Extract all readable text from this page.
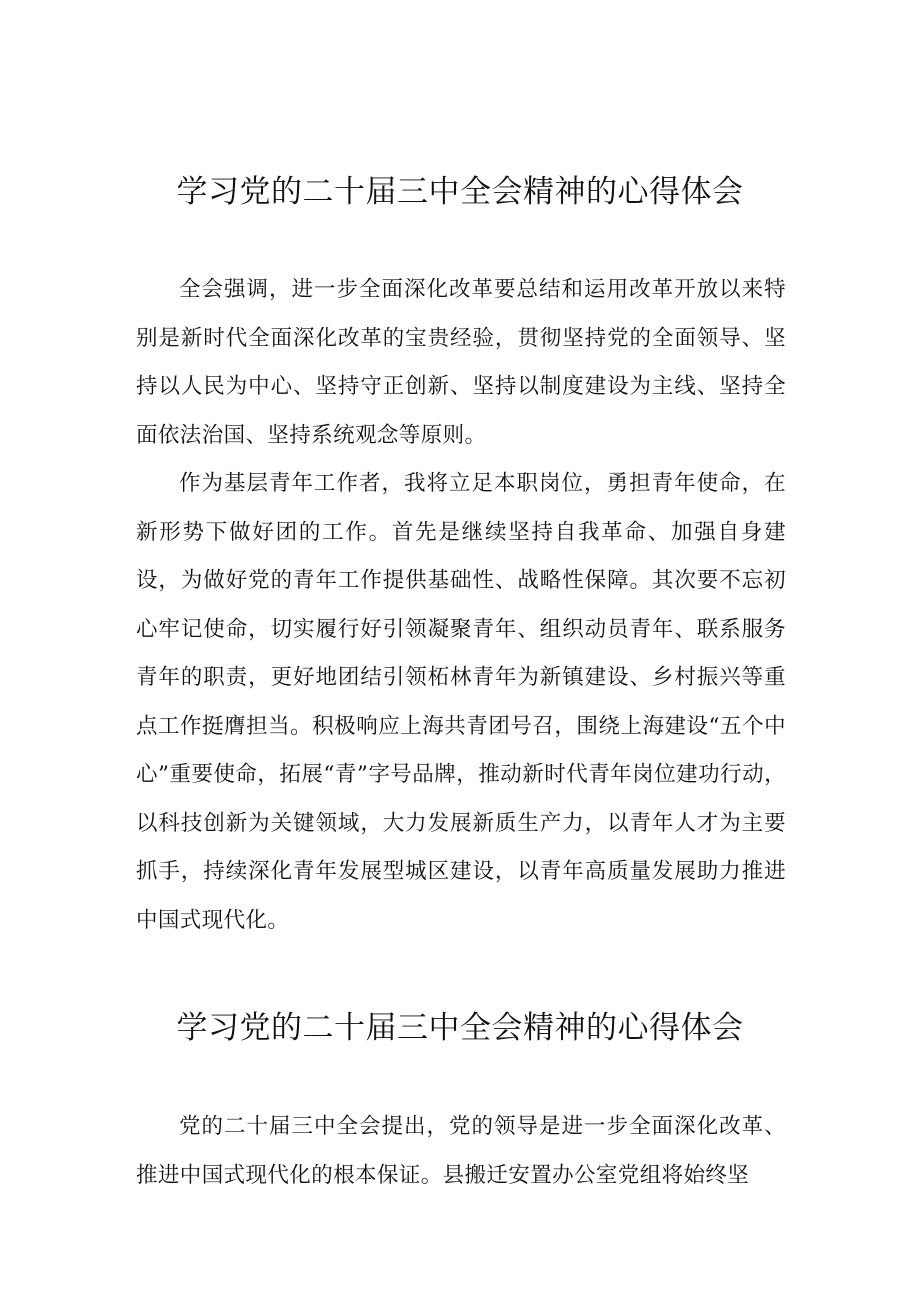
学习党的二十届三中全会精神的心得体会

全会强调，进一步全面深化改革要总结和运用改革开放以来特别是新时代全面深化改革的宝贵经验，贯彻坚持党的全面领导、坚持以人民为中心、坚持守正创新、坚持以制度建设为主线、坚持全面依法治国、坚持系统观念等原则。

作为基层青年工作者，我将立足本职岗位，勇担青年使命，在新形势下做好团的工作。首先是继续坚持自我革命、加强自身建设，为做好党的青年工作提供基础性、战略性保障。其次要不忘初心牢记使命，切实履行好引领凝聚青年、组织动员青年、联系服务青年的职责，更好地团结引领柘林青年为新镇建设、乡村振兴等重点工作挺膺担当。积极响应上海共青团号召，围绕上海建设“五个中心”重要使命，拓展“青”字号品牌，推动新时代青年岗位建功行动，以科技创新为关键领域，大力发展新质生产力，以青年人才为主要抓手，持续深化青年发展型城区建设，以青年高质量发展助力推进中国式现代化。

学习党的二十届三中全会精神的心得体会

党的二十届三中全会提出，党的领导是进一步全面深化改革、推进中国式现代化的根本保证。县搬迁安置办公室党组将始终坚
